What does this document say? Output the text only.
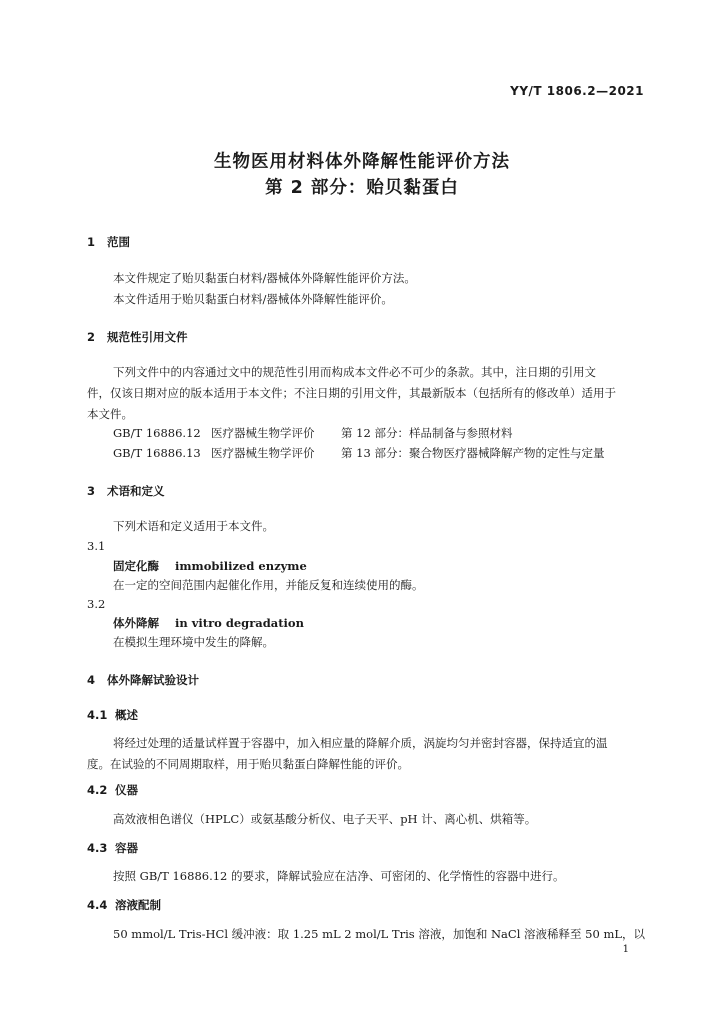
YY/T 1806.2—2021
生物医用材料体外降解性能评价方法
第 2 部分：贻贝黏蛋白
1 范围
本文件规定了贻贝黏蛋白材料/器械体外降解性能评价方法。
本文件适用于贻贝黏蛋白材料/器械体外降解性能评价。
2 规范性引用文件
下列文件中的内容通过文中的规范性引用而构成本文件必不可少的条款。其中，注日期的引用文
件，仅该日期对应的版本适用于本文件；不注日期的引用文件，其最新版本（包括所有的修改单）适用于
本文件。
GB/T 16886.12 医疗器械生物学评价 第 12 部分：样品制备与参照材料
GB/T 16886.13 医疗器械生物学评价 第 13 部分：聚合物医疗器械降解产物的定性与定量
3 术语和定义
下列术语和定义适用于本文件。
3.1
固定化酶 immobilized enzyme
在一定的空间范围内起催化作用，并能反复和连续使用的酶。
3.2
体外降解 in vitro degradation
在模拟生理环境中发生的降解。
4 体外降解试验设计
4.1 概述
将经过处理的适量试样置于容器中，加入相应量的降解介质，涡旋均匀并密封容器，保持适宜的温
度。在试验的不同周期取样，用于贻贝黏蛋白降解性能的评价。
4.2 仪器
高效液相色谱仪（HPLC）或氨基酸分析仪、电子天平、pH 计、离心机、烘箱等。
4.3 容器
按照 GB/T 16886.12 的要求，降解试验应在洁净、可密闭的、化学惰性的容器中进行。
4.4 溶液配制
50 mmol/L Tris-HCl 缓冲液：取 1.25 mL 2 mol/L Tris 溶液，加饱和 NaCl 溶液稀释至 50 mL，以
1
